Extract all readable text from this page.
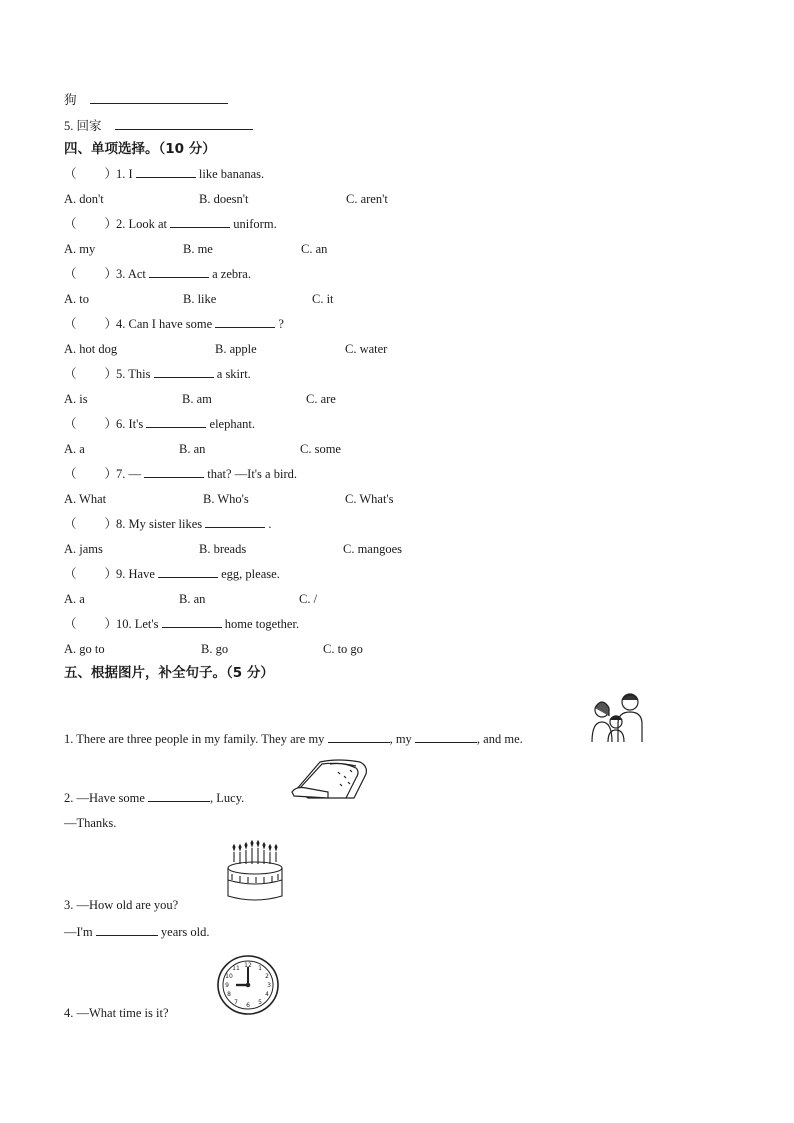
狗
5. 回家
四、单项选择。（10 分）
（ ）1. I	like bananas.
A. don't	B. doesn't	C. aren't
（ ）2. Look at	uniform.
A. my	B. me	C. an
（ ）3. Act	a zebra.
A. to	B. like	C. it
（ ）4. Can I have some	?
A. hot dog	B. apple	C. water
（ ）5. This	a skirt.
A. is	B. am	C. are
（ ）6. It's	elephant.
A. a	B. an	C. some
（ ）7. —	that? —It's a bird.
A. What	B. Who's	C. What's
（ ）8. My sister likes	.
A. jams	B. breads	C. mangoes
（ ）9. Have	egg, please.
A. a	B. an	C. /
（ ）10. Let's	home together.
A. go to	B. go	C. to go
五、根据图片，补全句子。（5 分）
1. There are three people in my family. They are my	, my	, and me.
2. —Have some	, Lucy.
—Thanks.
3. —How old are you?
—I'm	years old.
12 1
2
3
4
5
6
7
8
9
10
11
4. —What time is it?
